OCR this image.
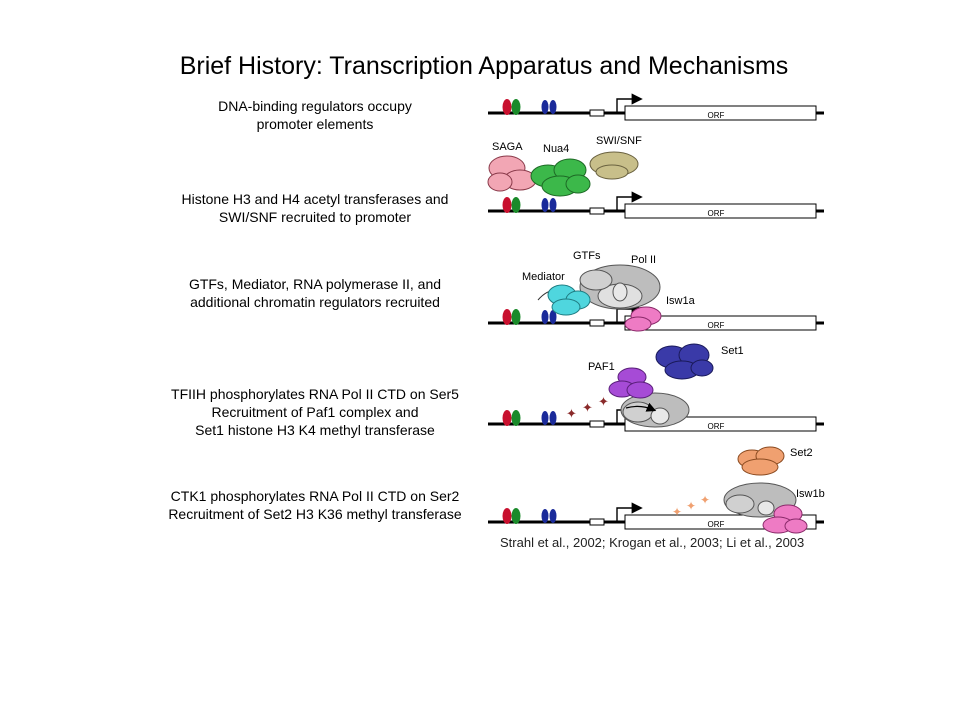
Brief History: Transcription Apparatus and Mechanisms
DNA-binding regulators occupy
promoter elements
Histone H3 and H4 acetyl transferases and
SWI/SNF recruited to promoter
GTFs, Mediator, RNA polymerase II, and
additional chromatin regulators recruited
TFIIH phosphorylates RNA Pol II CTD on Ser5
Recruitment of Paf1 complex and
Set1 histone H3 K4 methyl transferase
CTK1 phosphorylates RNA Pol II CTD on Ser2
Recruitment of Set2 H3 K36 methyl transferase
ORF
ORF
ORF
ORF
ORF
SAGA Nua4
SWI/SNF
GTFs	Pol II
Mediator
Isw1a
PAF1
Set1
✦ ✦ ✦
Set2
Isw1b
✦ ✦ ✦
Strahl et al., 2002; Krogan et al., 2003; Li et al., 2003
